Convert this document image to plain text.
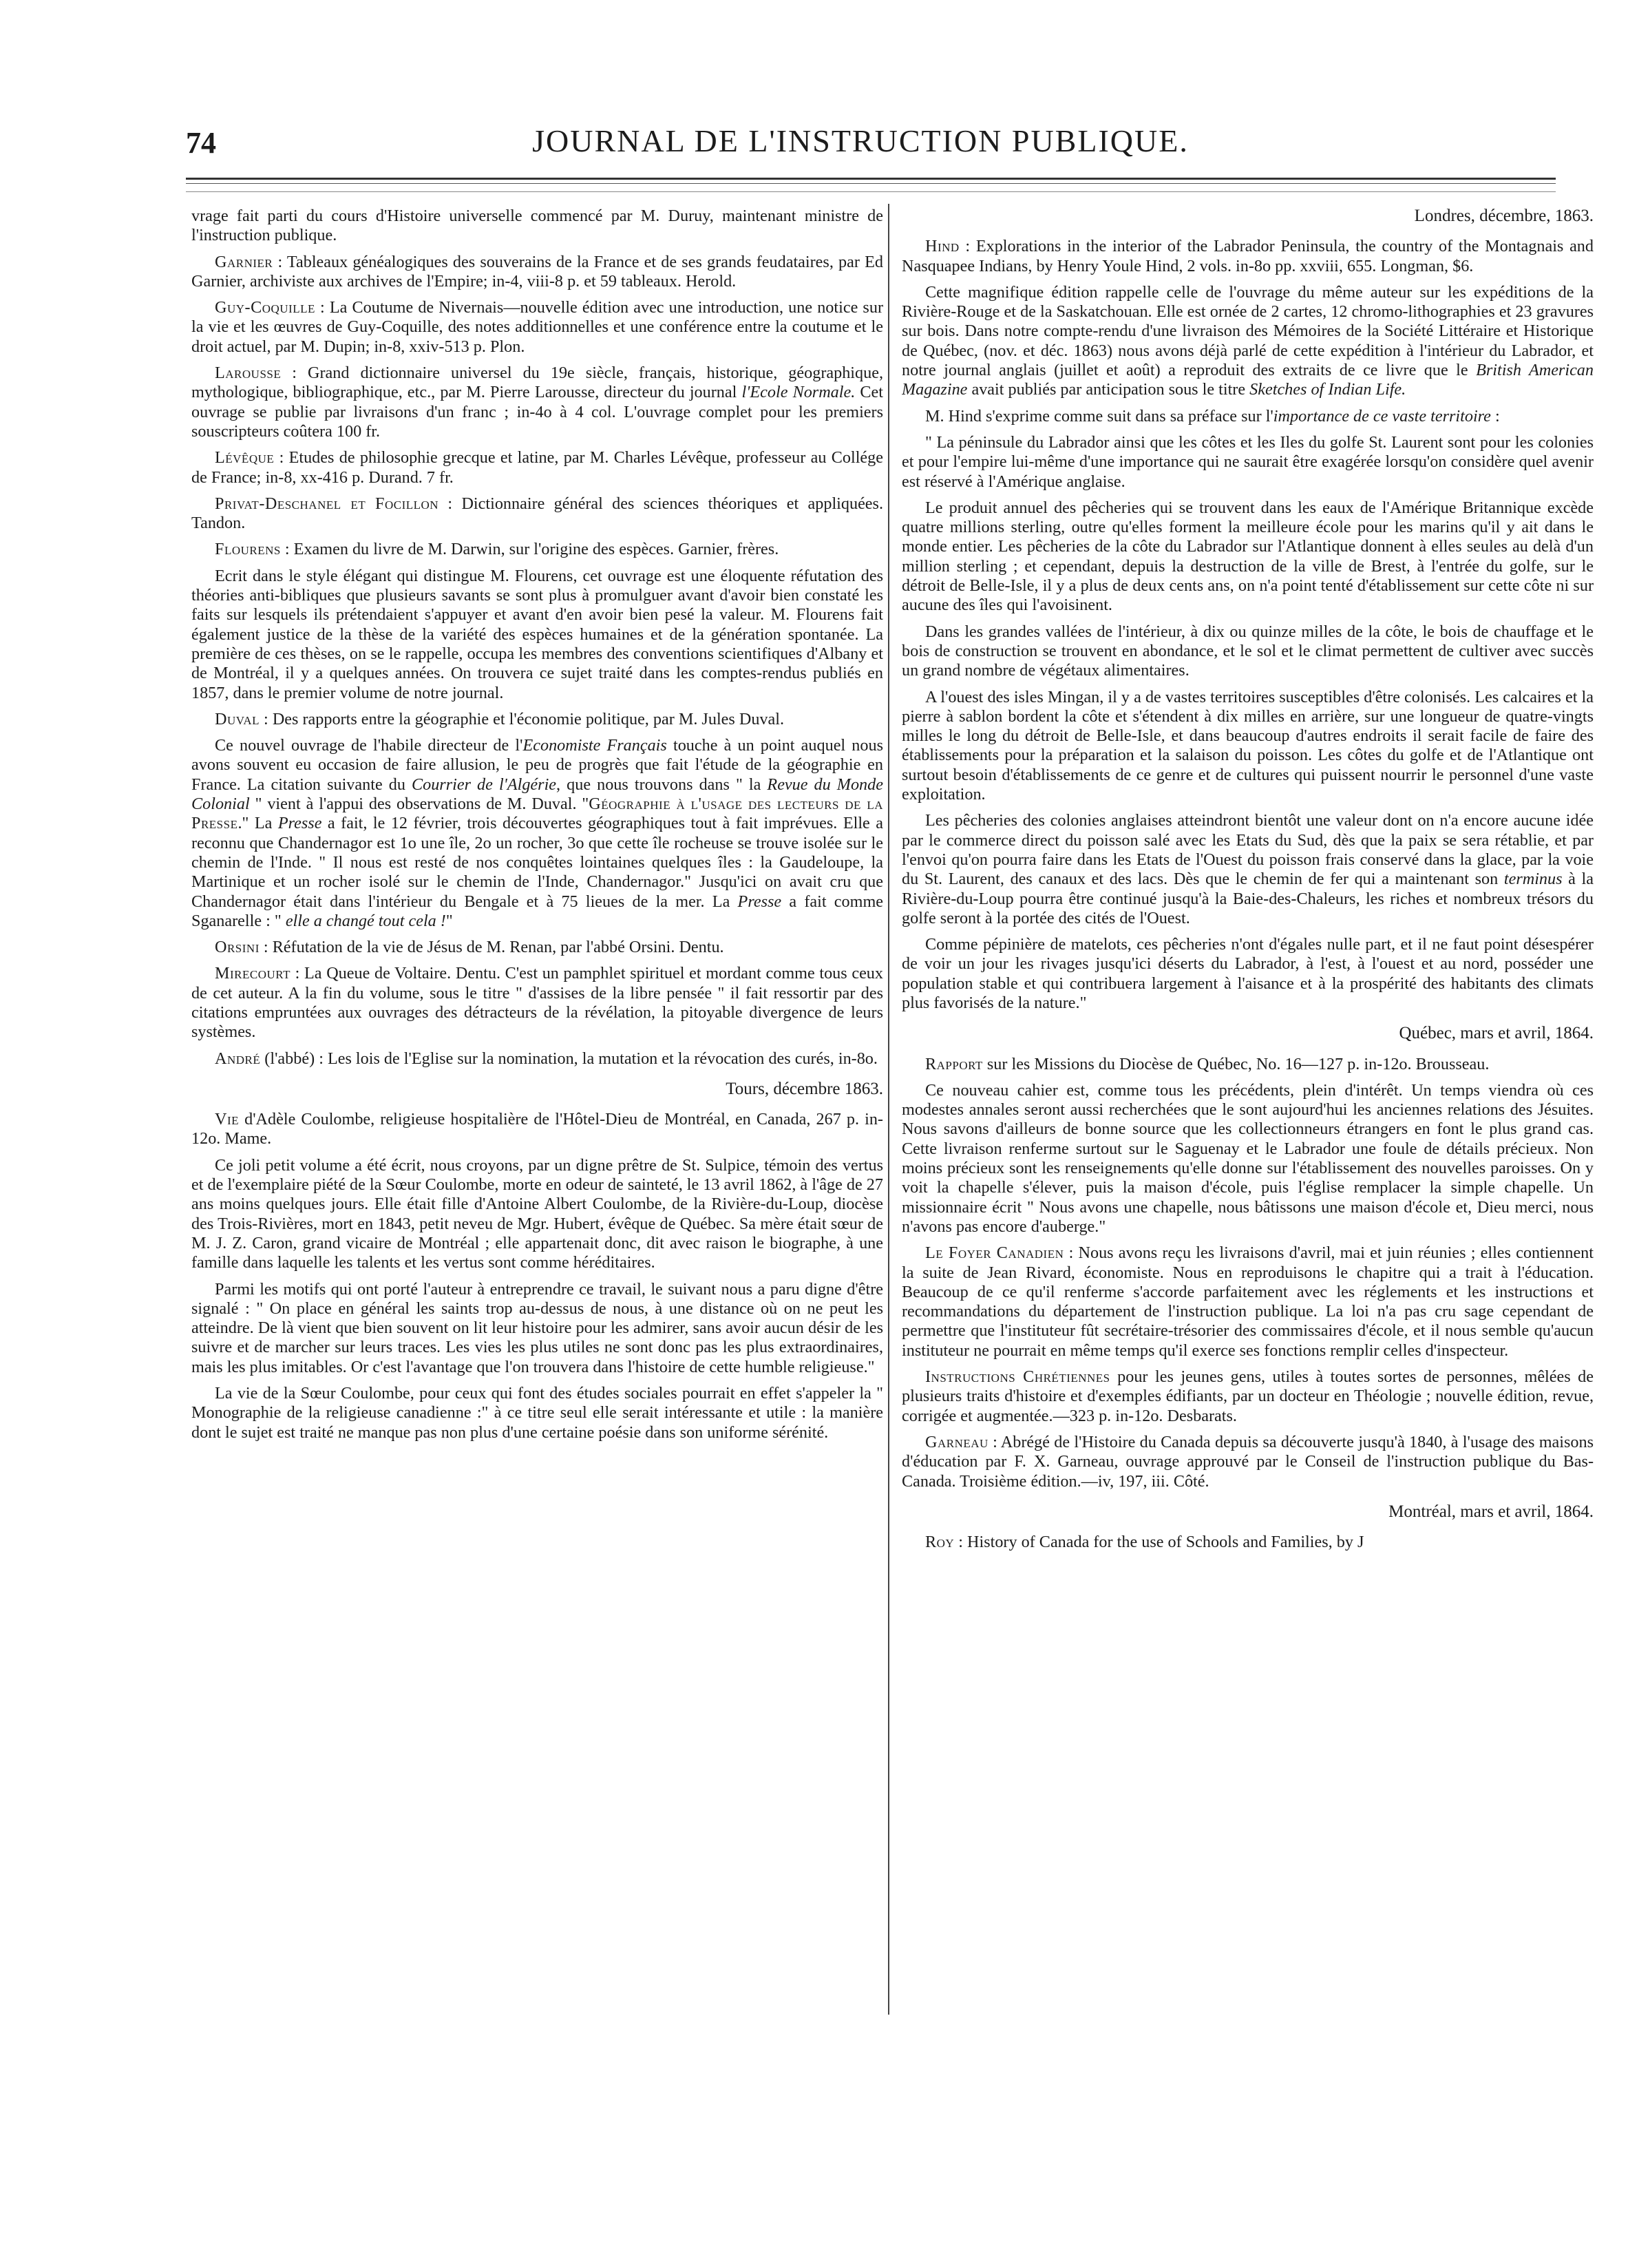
74	JOURNAL DE L'INSTRUCTION PUBLIQUE.

vrage fait parti du cours d'Histoire universelle commencé par M. Duruy, maintenant ministre de l'instruction publique.

Garnier : Tableaux généalogiques des souverains de la France et de ses grands feudataires, par Ed Garnier, archiviste aux archives de l'Empire; in-4, viii-8 p. et 59 tableaux. Herold.

Guy-Coquille : La Coutume de Nivernais—nouvelle édition avec une introduction, une notice sur la vie et les œuvres de Guy-Coquille, des notes additionnelles et une conférence entre la coutume et le droit actuel, par M. Dupin; in-8, xxiv-513 p. Plon.

Larousse : Grand dictionnaire universel du 19e siècle, français, historique, géographique, mythologique, bibliographique, etc., par M. Pierre Larousse, directeur du journal l'Ecole Normale. Cet ouvrage se publie par livraisons d'un franc ; in-4o à 4 col. L'ouvrage complet pour les premiers souscripteurs coûtera 100 fr.

Lévêque : Etudes de philosophie grecque et latine, par M. Charles Lévêque, professeur au Collége de France; in-8, xx-416 p. Durand. 7 fr.

Privat-Deschanel et Focillon : Dictionnaire général des sciences théoriques et appliquées. Tandon.

Flourens : Examen du livre de M. Darwin, sur l'origine des espèces. Garnier, frères.

Ecrit dans le style élégant qui distingue M. Flourens, cet ouvrage est une éloquente réfutation des théories anti-bibliques que plusieurs savants se sont plus à promulguer avant d'avoir bien constaté les faits sur lesquels ils prétendaient s'appuyer et avant d'en avoir bien pesé la valeur. M. Flourens fait également justice de la thèse de la variété des espèces humaines et de la génération spontanée. La première de ces thèses, on se le rappelle, occupa les membres des conventions scientifiques d'Albany et de Montréal, il y a quelques années. On trouvera ce sujet traité dans les comptes-rendus publiés en 1857, dans le premier volume de notre journal.

Duval : Des rapports entre la géographie et l'économie politique, par M. Jules Duval.

Ce nouvel ouvrage de l'habile directeur de l'Economiste Français touche à un point auquel nous avons souvent eu occasion de faire allusion, le peu de progrès que fait l'étude de la géographie en France. La citation suivante du Courrier de l'Algérie, que nous trouvons dans " la Revue du Monde Colonial " vient à l'appui des observations de M. Duval. "Géographie à l'usage des lecteurs de la Presse." La Presse a fait, le 12 février, trois découvertes géographiques tout à fait imprévues. Elle a reconnu que Chandernagor est 1o une île, 2o un rocher, 3o que cette île rocheuse se trouve isolée sur le chemin de l'Inde. " Il nous est resté de nos conquêtes lointaines quelques îles : la Gaudeloupe, la Martinique et un rocher isolé sur le chemin de l'Inde, Chandernagor." Jusqu'ici on avait cru que Chandernagor était dans l'intérieur du Bengale et à 75 lieues de la mer. La Presse a fait comme Sganarelle : " elle a changé tout cela !"

Orsini : Réfutation de la vie de Jésus de M. Renan, par l'abbé Orsini. Dentu.

Mirecourt : La Queue de Voltaire. Dentu. C'est un pamphlet spirituel et mordant comme tous ceux de cet auteur. A la fin du volume, sous le titre " d'assises de la libre pensée " il fait ressortir par des citations empruntées aux ouvrages des détracteurs de la révélation, la pitoyable divergence de leurs systèmes.

André (l'abbé) : Les lois de l'Eglise sur la nomination, la mutation et la révocation des curés, in-8o.

Tours, décembre 1863.

Vie d'Adèle Coulombe, religieuse hospitalière de l'Hôtel-Dieu de Montréal, en Canada, 267 p. in-12o. Mame.

Ce joli petit volume a été écrit, nous croyons, par un digne prêtre de St. Sulpice, témoin des vertus et de l'exemplaire piété de la Sœur Coulombe, morte en odeur de sainteté, le 13 avril 1862, à l'âge de 27 ans moins quelques jours. Elle était fille d'Antoine Albert Coulombe, de la Rivière-du-Loup, diocèse des Trois-Rivières, mort en 1843, petit neveu de Mgr. Hubert, évêque de Québec. Sa mère était sœur de M. J. Z. Caron, grand vicaire de Montréal ; elle appartenait donc, dit avec raison le biographe, à une famille dans laquelle les talents et les vertus sont comme héréditaires.

Parmi les motifs qui ont porté l'auteur à entreprendre ce travail, le suivant nous a paru digne d'être signalé : " On place en général les saints trop au-dessus de nous, à une distance où on ne peut les atteindre. De là vient que bien souvent on lit leur histoire pour les admirer, sans avoir aucun désir de les suivre et de marcher sur leurs traces. Les vies les plus utiles ne sont donc pas les plus extraordinaires, mais les plus imitables. Or c'est l'avantage que l'on trouvera dans l'histoire de cette humble religieuse."

La vie de la Sœur Coulombe, pour ceux qui font des études sociales pourrait en effet s'appeler la " Monographie de la religieuse canadienne :" à ce titre seul elle serait intéressante et utile : la manière dont le sujet est traité ne manque pas non plus d'une certaine poésie dans son uniforme sérénité.

Londres, décembre, 1863.

Hind : Explorations in the interior of the Labrador Peninsula, the country of the Montagnais and Nasquapee Indians, by Henry Youle Hind, 2 vols. in-8o pp. xxviii, 655. Longman, $6.

Cette magnifique édition rappelle celle de l'ouvrage du même auteur sur les expéditions de la Rivière-Rouge et de la Saskatchouan. Elle est ornée de 2 cartes, 12 chromo-lithographies et 23 gravures sur bois. Dans notre compte-rendu d'une livraison des Mémoires de la Société Littéraire et Historique de Québec, (nov. et déc. 1863) nous avons déjà parlé de cette expédition à l'intérieur du Labrador, et notre journal anglais (juillet et août) a reproduit des extraits de ce livre que le British American Magazine avait publiés par anticipation sous le titre Sketches of Indian Life.

M. Hind s'exprime comme suit dans sa préface sur l'importance de ce vaste territoire :

" La péninsule du Labrador ainsi que les côtes et les Iles du golfe St. Laurent sont pour les colonies et pour l'empire lui-même d'une importance qui ne saurait être exagérée lorsqu'on considère quel avenir est réservé à l'Amérique anglaise.

Le produit annuel des pêcheries qui se trouvent dans les eaux de l'Amérique Britannique excède quatre millions sterling, outre qu'elles forment la meilleure école pour les marins qu'il y ait dans le monde entier. Les pêcheries de la côte du Labrador sur l'Atlantique donnent à elles seules au delà d'un million sterling ; et cependant, depuis la destruction de la ville de Brest, à l'entrée du golfe, sur le détroit de Belle-Isle, il y a plus de deux cents ans, on n'a point tenté d'établissement sur cette côte ni sur aucune des îles qui l'avoisinent.

Dans les grandes vallées de l'intérieur, à dix ou quinze milles de la côte, le bois de chauffage et le bois de construction se trouvent en abondance, et le sol et le climat permettent de cultiver avec succès un grand nombre de végétaux alimentaires.

A l'ouest des isles Mingan, il y a de vastes territoires susceptibles d'être colonisés. Les calcaires et la pierre à sablon bordent la côte et s'étendent à dix milles en arrière, sur une longueur de quatre-vingts milles le long du détroit de Belle-Isle, et dans beaucoup d'autres endroits il serait facile de faire des établissements pour la préparation et la salaison du poisson. Les côtes du golfe et de l'Atlantique ont surtout besoin d'établissements de ce genre et de cultures qui puissent nourrir le personnel d'une vaste exploitation.

Les pêcheries des colonies anglaises atteindront bientôt une valeur dont on n'a encore aucune idée par le commerce direct du poisson salé avec les Etats du Sud, dès que la paix se sera rétablie, et par l'envoi qu'on pourra faire dans les Etats de l'Ouest du poisson frais conservé dans la glace, par la voie du St. Laurent, des canaux et des lacs. Dès que le chemin de fer qui a maintenant son terminus à la Rivière-du-Loup pourra être continué jusqu'à la Baie-des-Chaleurs, les riches et nombreux trésors du golfe seront à la portée des cités de l'Ouest.

Comme pépinière de matelots, ces pêcheries n'ont d'égales nulle part, et il ne faut point désespérer de voir un jour les rivages jusqu'ici déserts du Labrador, à l'est, à l'ouest et au nord, posséder une population stable et qui contribuera largement à l'aisance et à la prospérité des habitants des climats plus favorisés de la nature."

Québec, mars et avril, 1864.

Rapport sur les Missions du Diocèse de Québec, No. 16—127 p. in-12o. Brousseau.

Ce nouveau cahier est, comme tous les précédents, plein d'intérêt. Un temps viendra où ces modestes annales seront aussi recherchées que le sont aujourd'hui les anciennes relations des Jésuites. Nous savons d'ailleurs de bonne source que les collectionneurs étrangers en font le plus grand cas. Cette livraison renferme surtout sur le Saguenay et le Labrador une foule de détails précieux. Non moins précieux sont les renseignements qu'elle donne sur l'établissement des nouvelles paroisses. On y voit la chapelle s'élever, puis la maison d'école, puis l'église remplacer la simple chapelle. Un missionnaire écrit " Nous avons une chapelle, nous bâtissons une maison d'école et, Dieu merci, nous n'avons pas encore d'auberge."

Le Foyer Canadien : Nous avons reçu les livraisons d'avril, mai et juin réunies ; elles contiennent la suite de Jean Rivard, économiste. Nous en reproduisons le chapitre qui a trait à l'éducation. Beaucoup de ce qu'il renferme s'accorde parfaitement avec les réglements et les instructions et recommandations du département de l'instruction publique. La loi n'a pas cru sage cependant de permettre que l'instituteur fût secrétaire-trésorier des commissaires d'école, et il nous semble qu'aucun instituteur ne pourrait en même temps qu'il exerce ses fonctions remplir celles d'inspecteur.

Instructions Chrétiennes pour les jeunes gens, utiles à toutes sortes de personnes, mêlées de plusieurs traits d'histoire et d'exemples édifiants, par un docteur en Théologie ; nouvelle édition, revue, corrigée et augmentée.—323 p. in-12o. Desbarats.

Garneau : Abrégé de l'Histoire du Canada depuis sa découverte jusqu'à 1840, à l'usage des maisons d'éducation par F. X. Garneau, ouvrage approuvé par le Conseil de l'instruction publique du Bas-Canada. Troisième édition.—iv, 197, iii. Côté.

Montréal, mars et avril, 1864.

Roy : History of Canada for the use of Schools and Families, by J
